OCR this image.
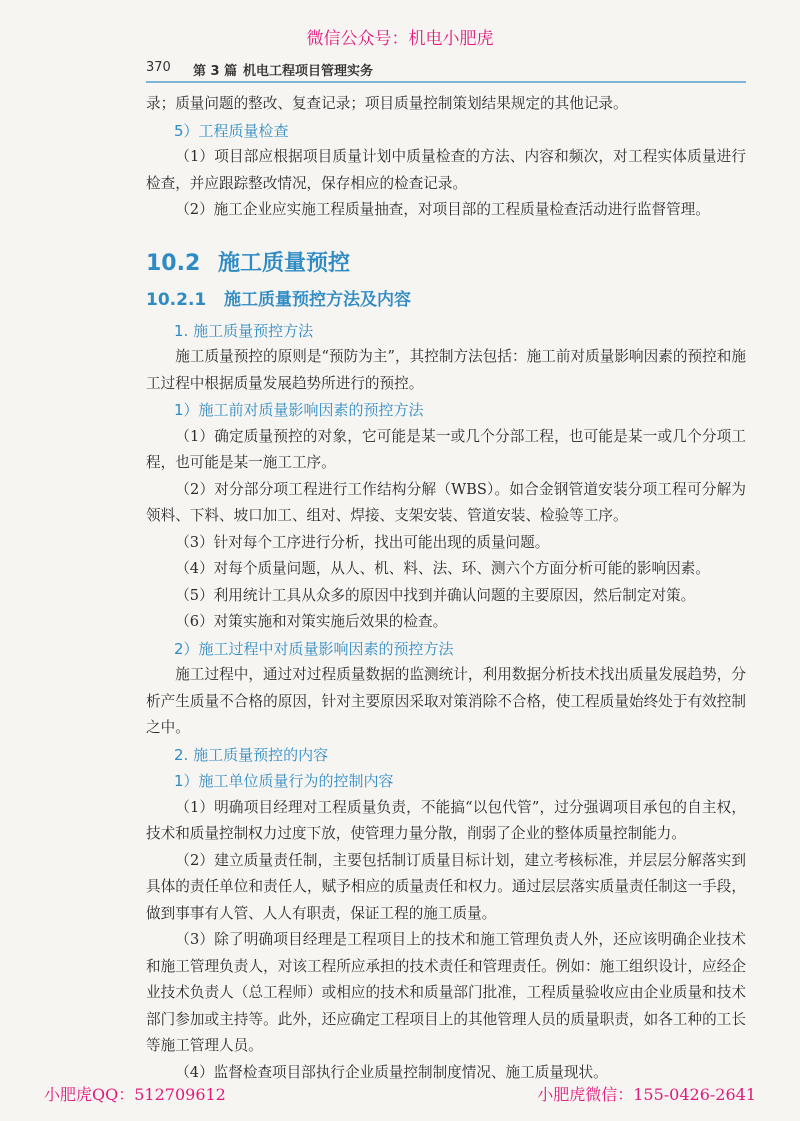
微信公众号：机电小肥虎
370 第 3 篇 机电工程项目管理实务

录；质量问题的整改、复查记录；项目质量控制策划结果规定的其他记录。

5）工程质量检查

（1）项目部应根据项目质量计划中质量检查的方法、内容和频次，对工程实体质量进行检查，并应跟踪整改情况，保存相应的检查记录。

（2）施工企业应实施工程质量抽查，对项目部的工程质量检查活动进行监督管理。

10.2 施工质量预控
10.2.1 施工质量预控方法及内容
1. 施工质量预控方法

施工质量预控的原则是“预防为主”，其控制方法包括：施工前对质量影响因素的预控和施工过程中根据质量发展趋势所进行的预控。

1）施工前对质量影响因素的预控方法

（1）确定质量预控的对象，它可能是某一或几个分部工程，也可能是某一或几个分项工程，也可能是某一施工工序。

（2）对分部分项工程进行工作结构分解（WBS）。如合金钢管道安装分项工程可分解为领料、下料、坡口加工、组对、焊接、支架安装、管道安装、检验等工序。

（3）针对每个工序进行分析，找出可能出现的质量问题。

（4）对每个质量问题，从人、机、料、法、环、测六个方面分析可能的影响因素。

（5）利用统计工具从众多的原因中找到并确认问题的主要原因，然后制定对策。

（6）对策实施和对策实施后效果的检查。

2）施工过程中对质量影响因素的预控方法

施工过程中，通过对过程质量数据的监测统计，利用数据分析技术找出质量发展趋势，分析产生质量不合格的原因，针对主要原因采取对策消除不合格，使工程质量始终处于有效控制之中。

2. 施工质量预控的内容
1）施工单位质量行为的控制内容

（1）明确项目经理对工程质量负责，不能搞“以包代管”，过分强调项目承包的自主权，技术和质量控制权力过度下放，使管理力量分散，削弱了企业的整体质量控制能力。

（2）建立质量责任制，主要包括制订质量目标计划，建立考核标准，并层层分解落实到具体的责任单位和责任人，赋予相应的质量责任和权力。通过层层落实质量责任制这一手段，做到事事有人管、人人有职责，保证工程的施工质量。

（3）除了明确项目经理是工程项目上的技术和施工管理负责人外，还应该明确企业技术和施工管理负责人，对该工程所应承担的技术责任和管理责任。例如：施工组织设计，应经企业技术负责人（总工程师）或相应的技术和质量部门批准，工程质量验收应由企业质量和技术部门参加或主持等。此外，还应确定工程项目上的其他管理人员的质量职责，如各工种的工长等施工管理人员。

（4）监督检查项目部执行企业质量控制制度情况、施工质量现状。

小肥虎QQ：512709612	小肥虎微信：155-0426-2641
